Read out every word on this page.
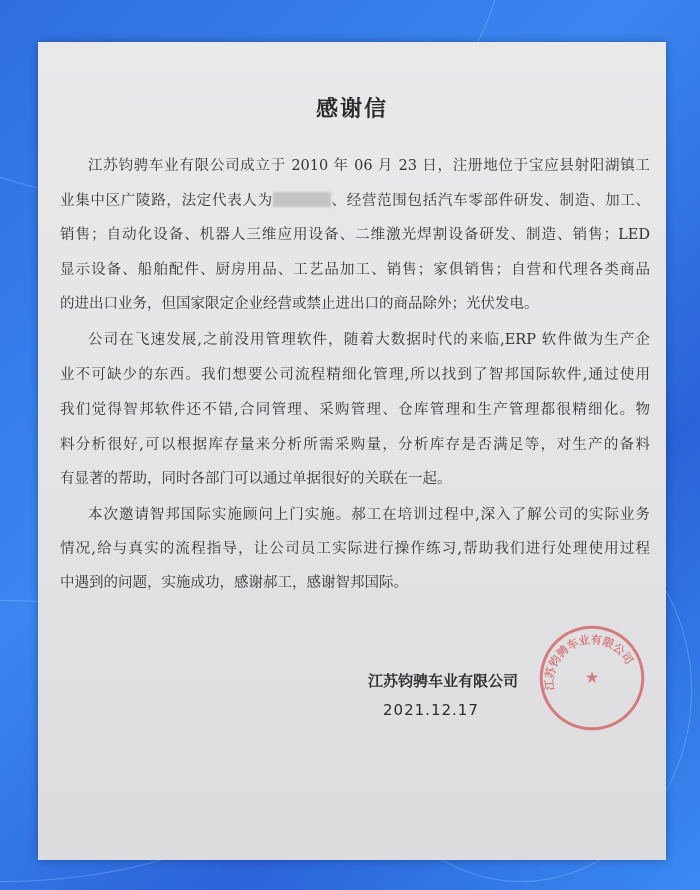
感谢信
江苏钧骋车业有限公司成立于 2010 年 06 月 23 日，注册地位于宝应县射阳湖镇工
业集中区广陵路，法定代表人为	、经营范围包括汽车零部件研发、制造、加工、
销售；自动化设备、机器人三维应用设备、二维激光焊割设备研发、制造、销售；LED
显示设备、船舶配件、厨房用品、工艺品加工、销售；家俱销售；自营和代理各类商品
的进出口业务，但国家限定企业经营或禁止进出口的商品除外；光伏发电。
公司在飞速发展,之前没用管理软件，随着大数据时代的来临,ERP 软件做为生产企
业不可缺少的东西。我们想要公司流程精细化管理,所以找到了智邦国际软件,通过使用
我们觉得智邦软件还不错,合同管理、采购管理、仓库管理和生产管理都很精细化。物
料分析很好,可以根据库存量来分析所需采购量，分析库存是否满足等，对生产的备料
有显著的帮助，同时各部门可以通过单据很好的关联在一起。
本次邀请智邦国际实施顾问上门实施。郝工在培训过程中,深入了解公司的实际业务
情况,给与真实的流程指导，让公司员工实际进行操作练习,帮助我们进行处理使用过程
中遇到的问题，实施成功，感谢郝工，感谢智邦国际。
江苏钧骋车业有限公司
★
江苏钧骋车业有限公司
2021.12.17
